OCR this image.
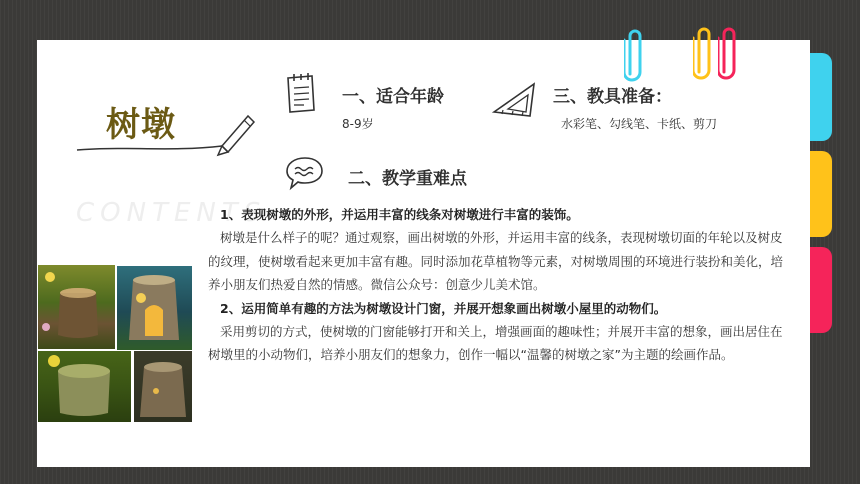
树墩
CONTENTS
一、适合年龄
8-9岁
三、教具准备：
水彩笔、勾线笔、卡纸、剪刀
二、教学重难点

1、表现树墩的外形，并运用丰富的线条对树墩进行丰富的装饰。

树墩是什么样子的呢？通过观察，画出树墩的外形，并运用丰富的线条，表现树墩切面的年轮以及树皮的纹理，使树墩看起来更加丰富有趣。同时添加花草植物等元素，对树墩周围的环境进行装扮和美化，培养小朋友们热爱自然的情感。微信公众号：创意少儿美术馆。

2、运用简单有趣的方法为树墩设计门窗，并展开想象画出树墩小屋里的动物们。

采用剪切的方式，使树墩的门窗能够打开和关上，增强画面的趣味性；并展开丰富的想象，画出居住在树墩里的小动物们，培养小朋友们的想象力，创作一幅以“温馨的树墩之家”为主题的绘画作品。
